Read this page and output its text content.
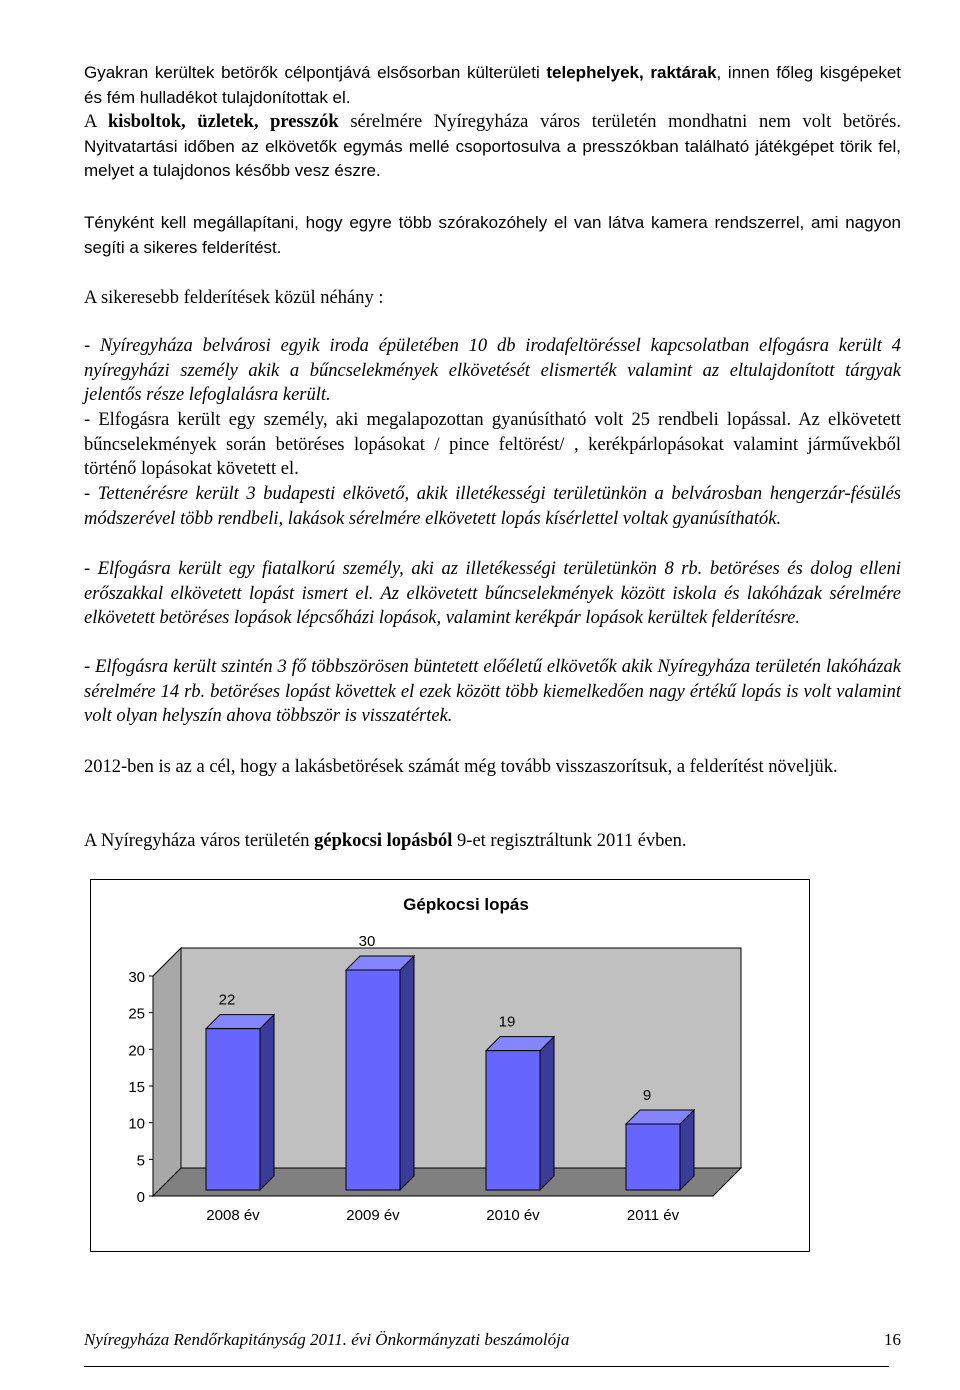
Gyakran kerültek betörők célpontjává elsősorban külterületi telephelyek, raktárak, innen főleg kisgépeket és fém hulladékot tulajdonítottak el.
A kisboltok, üzletek, presszók sérelmére Nyíregyháza város területén mondhatni nem volt betörés. Nyitvatartási időben az elkövetők egymás mellé csoportosulva a presszókban található játékgépet törik fel, melyet a tulajdonos később vesz észre.

Tényként kell megállapítani, hogy egyre több szórakozóhely el van látva kamera rendszerrel, ami nagyon segíti a sikeres felderítést.

A sikeresebb felderítések közül néhány :

- Nyíregyháza belvárosi egyik iroda épületében 10 db irodafeltöréssel kapcsolatban elfogásra került 4 nyíregyházi személy akik a bűncselekmények elkövetését elismerték valamint az eltulajdonított tárgyak jelentős része lefoglalásra került.

- Elfogásra került egy személy, aki megalapozottan gyanúsítható volt 25 rendbeli lopással. Az elkövetett bűncselekmények során betöréses lopásokat / pince feltörést/ , kerékpárlopásokat valamint járművekből történő lopásokat követett el.

- Tettenérésre került 3 budapesti elkövető, akik illetékességi területünkön a belvárosban hengerzár-fésülés módszerével több rendbeli, lakások sérelmére elkövetett lopás kísérlettel voltak gyanúsíthatók.

- Elfogásra került egy fiatalkorú személy, aki az illetékességi területünkön 8 rb. betöréses és dolog elleni erőszakkal elkövetett lopást ismert el. Az elkövetett bűncselekmények között iskola és lakóházak sérelmére elkövetett betöréses lopások lépcsőházi lopások, valamint kerékpár lopások kerültek felderítésre.

- Elfogásra került szintén 3 fő többszörösen büntetett előéletű elkövetők akik Nyíregyháza területén lakóházak sérelmére 14 rb. betöréses lopást követtek el ezek között több kiemelkedően nagy értékű lopás is volt valamint volt olyan helyszín ahova többször is visszatértek.

2012-ben is az a cél, hogy a lakásbetörések számát még tovább visszaszorítsuk, a felderítést növeljük.

A Nyíregyháza város területén gépkocsi lopásból 9-et regisztráltunk 2011 évben.

0
5
10
15
20
25
30
22
2008 év
30
2009 év
19
2010 év
9
2011 év
Gépkocsi lopás
Nyíregyháza Rendőrkapitányság 2011. évi Önkormányzati beszámolója	16
